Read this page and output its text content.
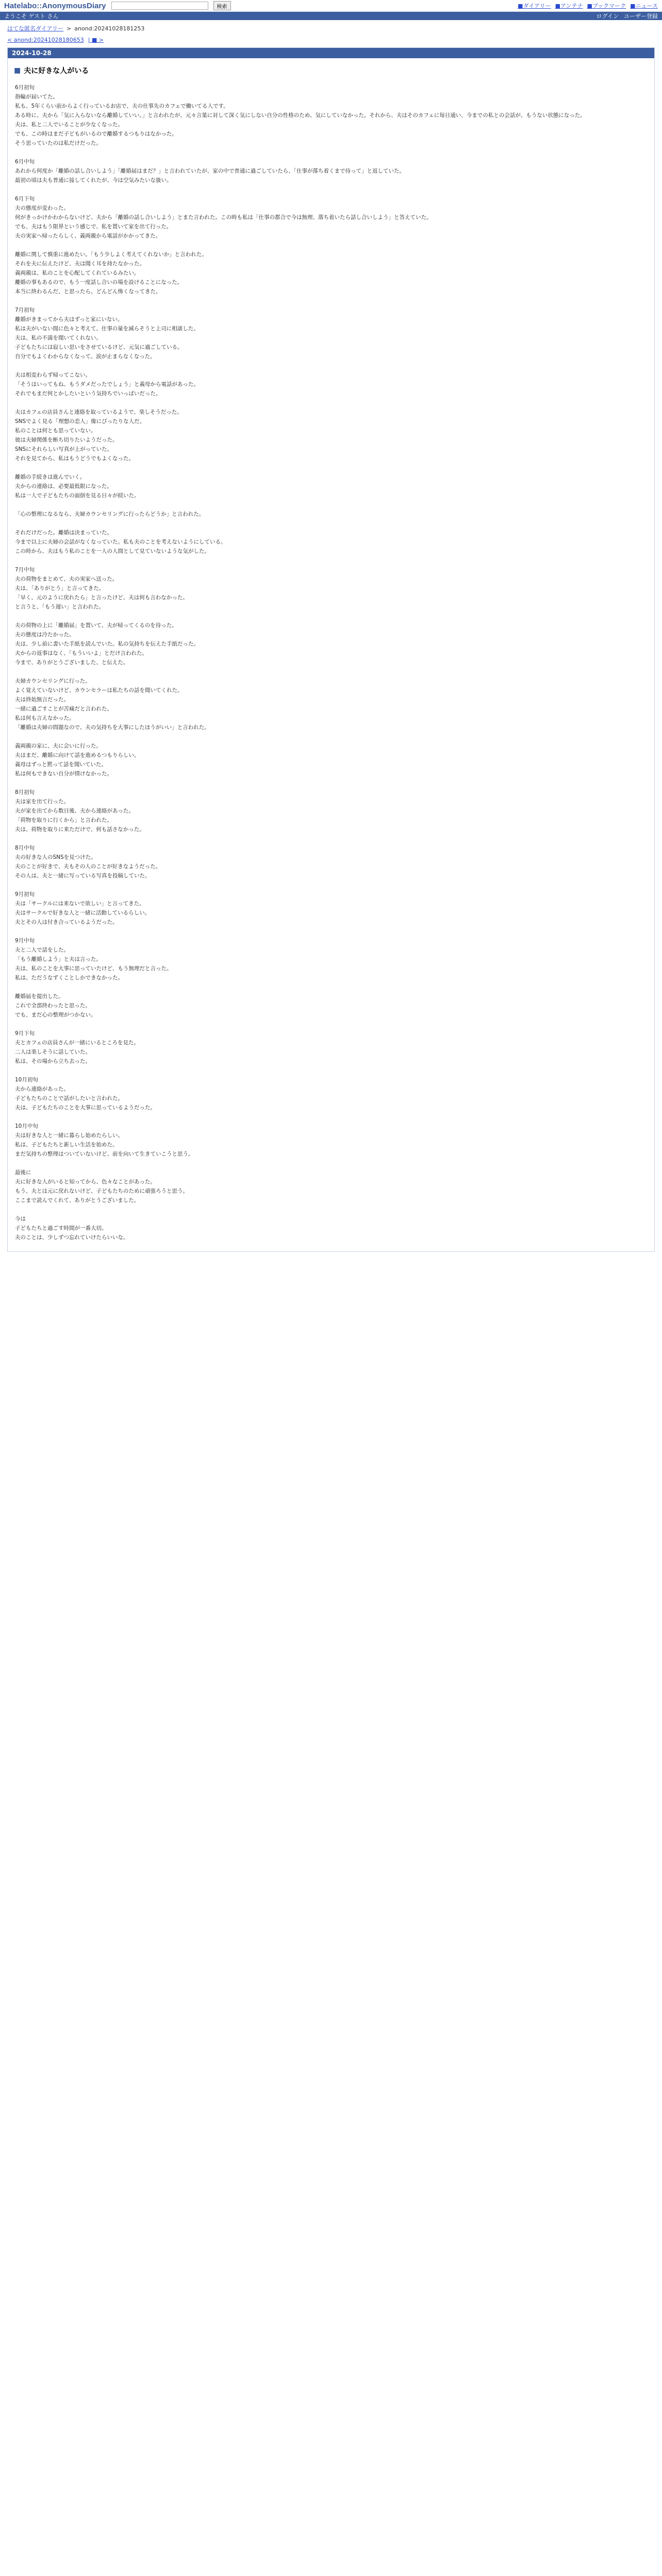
Hatelabo::AnonymousDiary	検索	■ダイアリー ■アンテナ ■ブックマーク ■ニュース
ようこそ ゲスト さん	ログイン ユーザー登録
はてな匿名ダイアリー > anond:20241028181253
< anond:20241028180653 | ■ >
2024-10-28
■ 夫に好きな人がいる

6月初旬

指輪が届いてた。

私も、5年くらい前からよく行っているお店で、夫の仕事先のカフェで働いてる人です。

ある時に、夫から「気に入らないなら離婚していい。」と言われたが、元々言葉に対して深く気にしない自分の性格のため、気にしていなかった。それから、夫はそのカフェに毎日通い、今までの私との会話が、もうない状態になった。

夫は、私と二人でいることが少なくなった。

でも、この時はまだ子どもがいるので離婚するつもりはなかった。

そう思っていたのは私だけだった。

6月中旬

あれから何度か「離婚の話し合いしよう」「離婚届はまだ？」と言われていたが、家の中で普通に過ごしていたら、「仕事が落ち着くまで待って」と返していた。

最初の頃は夫も普通に接してくれたが、今は空気みたいな扱い。

6月下旬

夫の態度が変わった。

何がきっかけかわからないけど、夫から「離婚の話し合いしよう」とまた言われた。この時も私は「仕事の都合で今は無理、落ち着いたら話し合いしよう」と答えていた。

でも、夫はもう限界という感じで、私を置いて家を出て行った。

夫の実家へ帰ったらしく、義両親から電話がかかってきた。

離婚に関して慎重に進めたい。「もう少しよく考えてくれないか」と言われた。

それを夫に伝えたけど、夫は聞く耳を持たなかった。

義両親は、私のことを心配してくれているみたい。

離婚の事もあるので、もう一度話し合いの場を設けることになった。

本当に終わるんだ、と思ったら、どんどん怖くなってきた。

7月初旬

離婚がきまってから夫はずっと家にいない。

私は夫がいない間に色々と考えて、仕事の量を減らそうと上司に相談した。

夫は、私の不満を聞いてくれない。

子どもたちには寂しい思いをさせているけど、元気に過ごしている。

自分でもよくわからなくなって、涙が止まらなくなった。

夫は相変わらず帰ってこない。

「そうはいってもね、もうダメだったでしょう」と義母から電話があった。

それでもまだ何とかしたいという気持ちでいっぱいだった。

夫はカフェの店員さんと連絡を取っているようで、楽しそうだった。

SNSでよく見る「理想の恋人」像にぴったりな人だ。

私のことは何とも思っていない。

彼は夫婦関係を断ち切りたいようだった。

SNSにそれらしい写真が上がっていた。

それを見てから、私はもうどうでもよくなった。

離婚の手続きは進んでいく。

夫からの連絡は、必要最低限になった。

私は一人で子どもたちの面倒を見る日々が続いた。

「心の整理になるなら、夫婦カウンセリングに行ったらどうか」と言われた。

それだけだった。離婚は決まっていた。

今まで以上に夫婦の会話がなくなっていた。私も夫のことを考えないようにしている。

この時から、夫はもう私のことを一人の人間として見ていないような気がした。

7月中旬

夫の荷物をまとめて、夫の実家へ送った。

夫は、「ありがとう」と言ってきた。

「早く、元のように戻れたら」と言ったけど、夫は何も言わなかった。

と言うと、「もう遅い」と言われた。

夫の荷物の上に「離婚届」を置いて、夫が帰ってくるのを待った。

夫の態度は冷たかった。

夫は、少し前に書いた手紙を読んでいた。私の気持ちを伝えた手紙だった。

夫からの返事はなく、「もういいよ」とだけ言われた。

今まで、ありがとうございました、と伝えた。

夫婦カウンセリングに行った。

よく覚えていないけど、カウンセラーは私たちの話を聞いてくれた。

夫は終始無言だった。

一緒に過ごすことが苦痛だと言われた。

私は何も言えなかった。

「離婚は夫婦の問題なので、夫の気持ちを大事にしたほうがいい」と言われた。

義両親の家に、夫に会いに行った。

夫はまだ、離婚に向けて話を進めるつもりらしい。

義母はずっと黙って話を聞いていた。

私は何もできない自分が情けなかった。

8月初旬

夫は家を出て行った。

夫が家を出てから数日後、夫から連絡があった。

「荷物を取りに行くから」と言われた。

夫は、荷物を取りに来ただけで、何も話さなかった。

8月中旬

夫の好きな人のSNSを見つけた。

夫のことが好きで、夫もその人のことが好きなようだった。

その人は、夫と一緒に写っている写真を投稿していた。

9月初旬

夫は「サークルには来ないで欲しい」と言ってきた。

夫はサークルで好きな人と一緒に活動しているらしい。

夫とその人は付き合っているようだった。

9月中旬

夫と二人で話をした。

「もう離婚しよう」と夫は言った。

夫は、私のことを大事に思っていたけど、もう無理だと言った。

私は、ただうなずくことしかできなかった。

離婚届を提出した。

これで全部終わったと思った。

でも、まだ心の整理がつかない。

9月下旬

夫とカフェの店員さんが一緒にいるところを見た。

二人は楽しそうに話していた。

私は、その場から立ち去った。

10月初旬

夫から連絡があった。

子どもたちのことで話がしたいと言われた。

夫は、子どもたちのことを大事に思っているようだった。

10月中旬

夫は好きな人と一緒に暮らし始めたらしい。

私は、子どもたちと新しい生活を始めた。

まだ気持ちの整理はついていないけど、前を向いて生きていこうと思う。

最後に

夫に好きな人がいると知ってから、色々なことがあった。

もう、夫とは元に戻れないけど、子どもたちのために頑張ろうと思う。

ここまで読んでくれて、ありがとうございました。

今は

子どもたちと過ごす時間が一番大切。

夫のことは、少しずつ忘れていけたらいいな。
